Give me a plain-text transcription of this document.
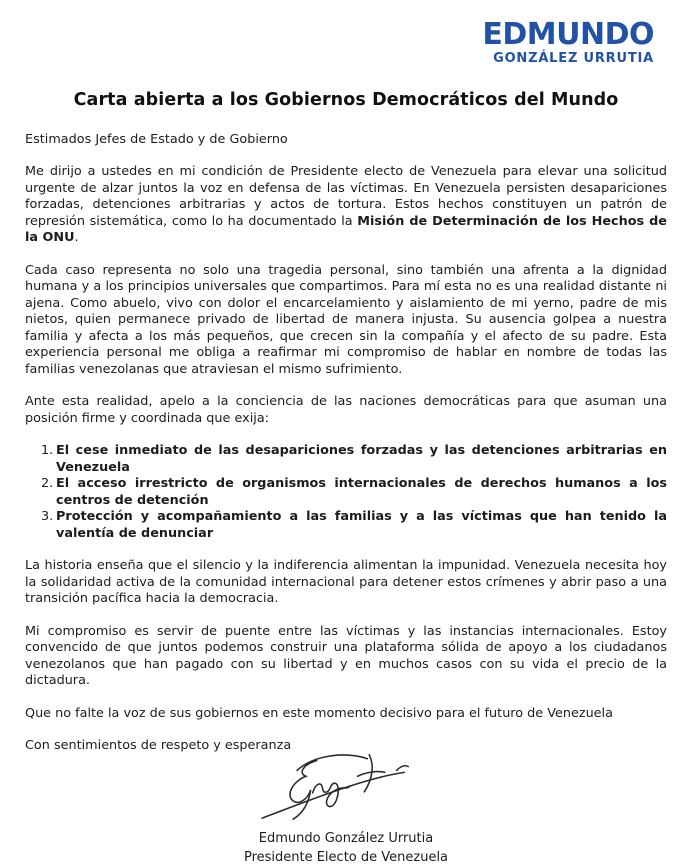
EDMUNDO
GONZÁLEZ URRUTIA
Carta abierta a los Gobiernos Democráticos del Mundo

Estimados Jefes de Estado y de Gobierno

Me dirijo a ustedes en mi condición de Presidente electo de Venezuela para elevar una solicitud urgente de alzar juntos la voz en defensa de las víctimas. En Venezuela persisten desapariciones forzadas, detenciones arbitrarias y actos de tortura. Estos hechos constituyen un patrón de represión sistemática, como lo ha documentado la Misión de Determinación de los Hechos de la ONU.

Cada caso representa no solo una tragedia personal, sino también una afrenta a la dignidad humana y a los principios universales que compartimos. Para mí esta no es una realidad distante ni ajena. Como abuelo, vivo con dolor el encarcelamiento y aislamiento de mi yerno, padre de mis nietos, quien permanece privado de libertad de manera injusta. Su ausencia golpea a nuestra familia y afecta a los más pequeños, que crecen sin la compañía y el afecto de su padre. Esta experiencia personal me obliga a reafirmar mi compromiso de hablar en nombre de todas las familias venezolanas que atraviesan el mismo sufrimiento.

Ante esta realidad, apelo a la conciencia de las naciones democráticas para que asuman una posición firme y coordinada que exija:

El cese inmediato de las desapariciones forzadas y las detenciones arbitrarias en Venezuela
El acceso irrestricto de organismos internacionales de derechos humanos a los centros de detención
Protección y acompañamiento a las familias y a las víctimas que han tenido la valentía de denunciar

La historia enseña que el silencio y la indiferencia alimentan la impunidad. Venezuela necesita hoy la solidaridad activa de la comunidad internacional para detener estos crímenes y abrir paso a una transición pacífica hacia la democracia.

Mi compromiso es servir de puente entre las víctimas y las instancias internacionales. Estoy convencido de que juntos podemos construir una plataforma sólida de apoyo a los ciudadanos venezolanos que han pagado con su libertad y en muchos casos con su vida el precio de la dictadura.

Que no falte la voz de sus gobiernos en este momento decisivo para el futuro de Venezuela

Con sentimientos de respeto y esperanza

Edmundo González Urrutia
Presidente Electo de Venezuela
